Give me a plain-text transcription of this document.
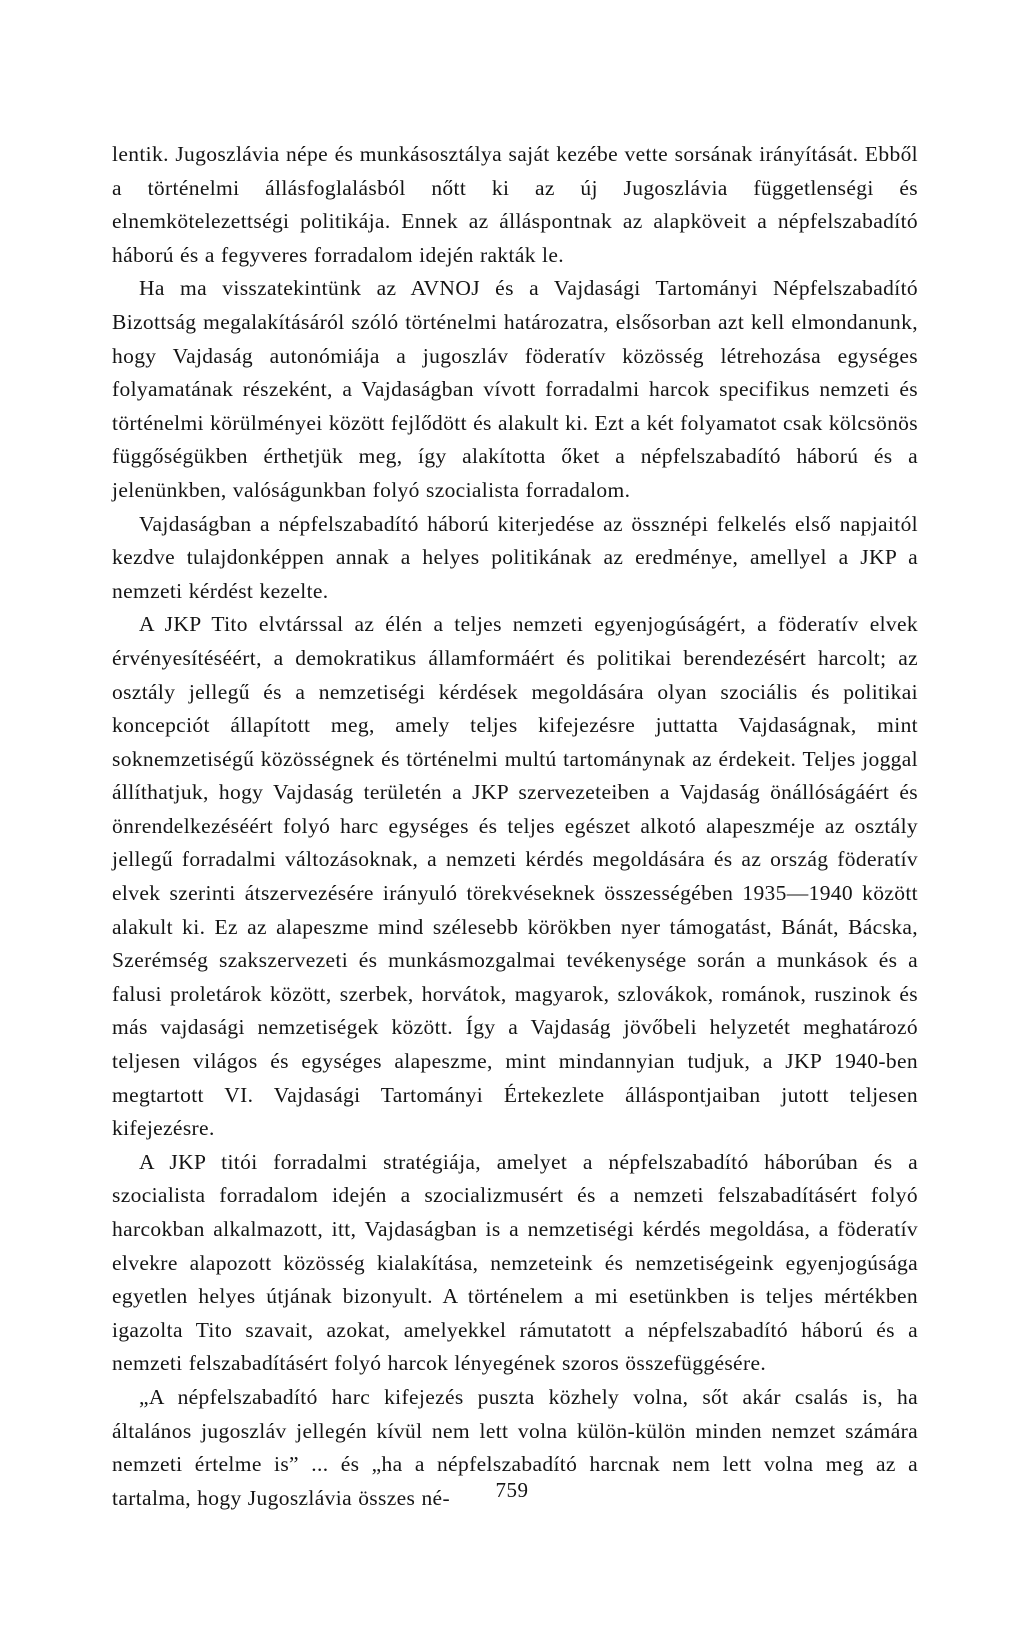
lentik. Jugoszlávia népe és munkásosztálya saját kezébe vette sorsának irányítását. Ebből a történelmi állásfoglalásból nőtt ki az új Jugoszlávia függetlenségi és elnemkötelezettségi politikája. Ennek az álláspontnak az alapköveit a népfelszabadító háború és a fegyveres forradalom idején rakták le.

Ha ma visszatekintünk az AVNOJ és a Vajdasági Tartományi Népfelszabadító Bizottság megalakításáról szóló történelmi határozatra, elsősorban azt kell elmondanunk, hogy Vajdaság autonómiája a jugoszláv föderatív közösség létrehozása egységes folyamatának részeként, a Vajdaságban vívott forradalmi harcok specifikus nemzeti és történelmi körülményei között fejlődött és alakult ki. Ezt a két folyamatot csak kölcsönös függőségükben érthetjük meg, így alakította őket a népfelszabadító háború és a jelenünkben, valóságunkban folyó szocialista forradalom.

Vajdaságban a népfelszabadító háború kiterjedése az össznépi felkelés első napjaitól kezdve tulajdonképpen annak a helyes politikának az eredménye, amellyel a JKP a nemzeti kérdést kezelte.

A JKP Tito elvtárssal az élén a teljes nemzeti egyenjogúságért, a föderatív elvek érvényesítéséért, a demokratikus államformáért és politikai berendezésért harcolt; az osztály jellegű és a nemzetiségi kérdések megoldására olyan szociális és politikai koncepciót állapított meg, amely teljes kifejezésre juttatta Vajdaságnak, mint soknemzetiségű közösségnek és történelmi multú tartománynak az érdekeit. Teljes joggal állíthatjuk, hogy Vajdaság területén a JKP szervezeteiben a Vajdaság önállóságáért és önrendelkezéséért folyó harc egységes és teljes egészet alkotó alapeszméje az osztály jellegű forradalmi változásoknak, a nemzeti kérdés megoldására és az ország föderatív elvek szerinti átszervezésére irányuló törekvéseknek összességében 1935—1940 között alakult ki. Ez az alapeszme mind szélesebb körökben nyer támogatást, Bánát, Bácska, Szerémség szakszervezeti és munkásmozgalmai tevékenysége során a munkások és a falusi proletárok között, szerbek, horvátok, magyarok, szlovákok, románok, ruszinok és más vajdasági nemzetiségek között. Így a Vajdaság jövőbeli helyzetét meghatározó teljesen világos és egységes alapeszme, mint mindannyian tudjuk, a JKP 1940-ben megtartott VI. Vajdasági Tartományi Értekezlete álláspontjaiban jutott teljesen kifejezésre.

A JKP titói forradalmi stratégiája, amelyet a népfelszabadító háborúban és a szocialista forradalom idején a szocializmusért és a nemzeti felszabadításért folyó harcokban alkalmazott, itt, Vajdaságban is a nemzetiségi kérdés megoldása, a föderatív elvekre alapozott közösség kialakítása, nemzeteink és nemzetiségeink egyenjogúsága egyetlen helyes útjának bizonyult. A történelem a mi esetünkben is teljes mértékben igazolta Tito szavait, azokat, amelyekkel rámutatott a népfelszabadító háború és a nemzeti felszabadításért folyó harcok lényegének szoros összefüggésére.

„A népfelszabadító harc kifejezés puszta közhely volna, sőt akár csalás is, ha általános jugoszláv jellegén kívül nem lett volna külön-külön minden nemzet számára nemzeti értelme is” ... és „ha a népfelszabadító harcnak nem lett volna meg az a tartalma, hogy Jugoszlávia összes né-	759
